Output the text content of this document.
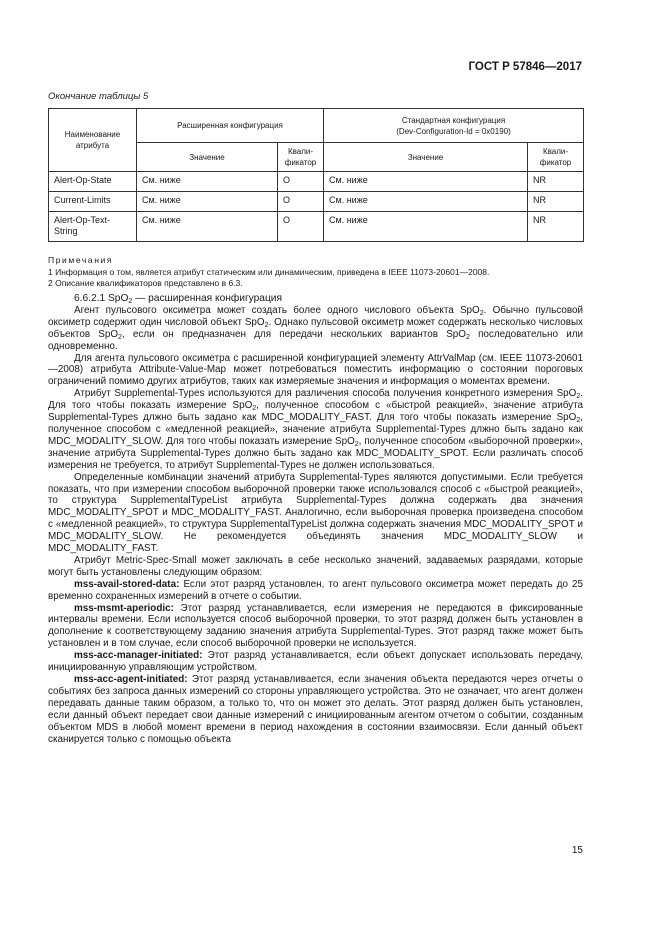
ГОСТ Р 57846—2017
Окончание таблицы 5
Наименование атрибута	Расширенная конфигурация		Стандартная конфигурация
(Dev-Configuration-Id = 0x0190)	
	Значение	Квали-фикатор	Значение	Квали-фикатор
Alert-Op-State	См. ниже	O	См. ниже	NR
Current-Limits	См. ниже	O	См. ниже	NR
Alert-Op-Text-String	См. ниже	O	См. ниже	NR
Примечания
1 Информация о том, является атрибут статическим или динамическим, приведена в IEEE 11073-20601—2008.
2 Описание квалификаторов представлено в 6.3.

6.6.2.1 SpO$_2$ — расширенная конфигурация

Агент пульсового оксиметра может создать более одного числового объекта SpO$_2$. Обычно пульсовой оксиметр содержит один числовой объект SpO$_2$. Однако пульсовой оксиметр может содержать несколько числовых объектов SpO$_2$, если он предназначен для передачи нескольких вариантов SpO$_2$ последовательно или одновременно.

Для агента пульсового оксиметра с расширенной конфигурацией элементу AttrValMap (см. IEEE 11073-20601—2008) атрибута Attribute-Value-Map может потребоваться поместить информацию о состоянии пороговых ограничений помимо других атрибутов, таких как измеряемые значения и информация о моментах времени.

Атрибут Supplemental-Types используются для различения способа получения конкретного измерения SpO$_2$. Для того чтобы показать измерение SpO$_2$, полученное способом с «быстрой реакцией», значение атрибута Supplemental-Types длжно быть задано как MDC_MODALITY_FAST. Для того чтобы показать измерение SpO$_2$, полученное способом с «медленной реакцией», значение атрибута Supplemental-Types длжно быть задано как MDC_MODALITY_SLOW. Для того чтобы показать измерение SpO$_2$, полученное способом «выборочной проверки», значение атрибута Supplemental-Types должно быть задано как MDC_MODALITY_SPOT. Если различать способ измерения не требуется, то атрибут Supplemental-Types не должен использоваться.

Определенные комбинации значений атрибута Supplemental-Types являются допустимыми. Если требуется показать, что при измерении способом выборочной проверки также использовался способ с «быстрой реакцией», то структура SupplementalTypeList атрибута Supplemental-Types должна содержать два значения MDC_MODALITY_SPOT и MDC_MODALITY_FAST. Аналогично, если выборочная проверка произведена способом с «медленной реакцией», то структура SupplementalTypeList должна содержать значения MDC_MODALITY_SPOT и MDC_MODALITY_SLOW. Не рекомендуется объединять значения MDC_MODALITY_SLOW и MDC_MODALITY_FAST.

Атрибут Metric-Spec-Small может заключать в себе несколько значений, задаваемых разрядами, которые могут быть установлены следующим образом:

mss-avail-stored-data: Если этот разряд установлен, то агент пульсового оксиметра может передать до 25 временно сохраненных измерений в отчете о событии.

mss-msmt-aperiodic: Этот разряд устанавливается, если измерения не передаются в фиксированные интервалы времени. Если используется способ выборочной проверки, то этот разряд должен быть установлен в дополнение к соответствующему заданию значения атрибута Supplemental-Types. Этот разряд также может быть установлен и в том случае, если способ выборочной проверки не используется.

mss-acc-manager-initiated: Этот разряд устанавливается, если объект допускает использовать передачу, инициированную управляющим устройством.

mss-acc-agent-initiated: Этот разряд устанавливается, если значения объекта передаются через отчеты о событиях без запроса данных измерений со стороны управляющего устройства. Это не означает, что агент должен передавать данные таким образом, а только то, что он может это делать. Этот разряд должен быть установлен, если данный объект передает свои данные измерений с инициированным агентом отчетом о событии, созданным объектом MDS в любой момент времени в период нахождения в состоянии взаимосвязи. Если данный объект сканируется только с помощью объекта

15
